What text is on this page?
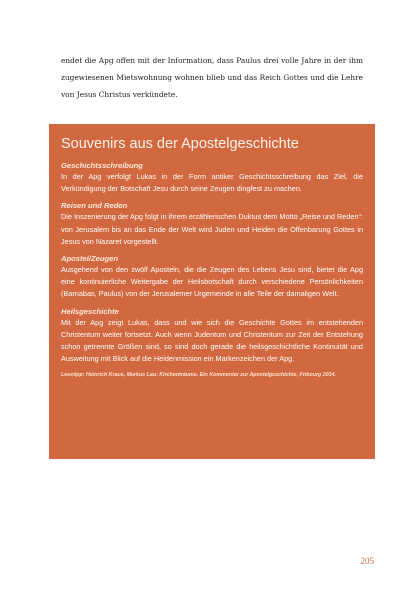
endet die Apg offen mit der Information, dass Paulus drei volle Jahre in der ihm zugewiesenen Mietswohnung wohnen blieb und das Reich Gottes und die Lehre von Jesus Christus verkündete.

Souvenirs aus der Apostelgeschichte

Geschichtsschreibung

In der Apg verfolgt Lukas in der Form antiker Geschichtsschreibung das Ziel, die Verkündigung der Botschaft Jesu durch seine Zeugen dingfest zu machen.

Reisen und Reden

Die Inszenierung der Apg folgt in ihrem erzählerischen Duktus dem Motto „Reise und Reden“: von Jerusalem bis an das Ende der Welt wird Juden und Heiden die Offenbarung Gottes in Jesus von Nazaret vorgestellt.

Apostel/Zeugen

Ausgehend von den zwölf Aposteln, die die Zeugen des Lebens Jesu sind, bietet die Apg eine kontinuierliche Weitergabe der Heilsbotschaft durch verschiedene Persönlichkeiten (Barnabas, Paulus) von der Jerusalemer Urgemeinde in alle Teile der damaligen Welt.

Heilsgeschichte

Mit der Apg zeigt Lukas, dass und wie sich die Geschichte Gottes im entstehenden Christentum weiter fortsetzt. Auch wenn Judentum und Christentum zur Zeit der Entstehung schon getrennte Größen sind, so sind doch gerade die heilsgeschichtliche Kontinuität und Ausweitung mit Blick auf die Heidenmission ein Markenzeichen der Apg.

Lesetipp: Heinrich Kraus, Markus Lau: Kirchenträume. Ein Kommentar zur Apostelgeschichte, Fribourg 2014.

205
